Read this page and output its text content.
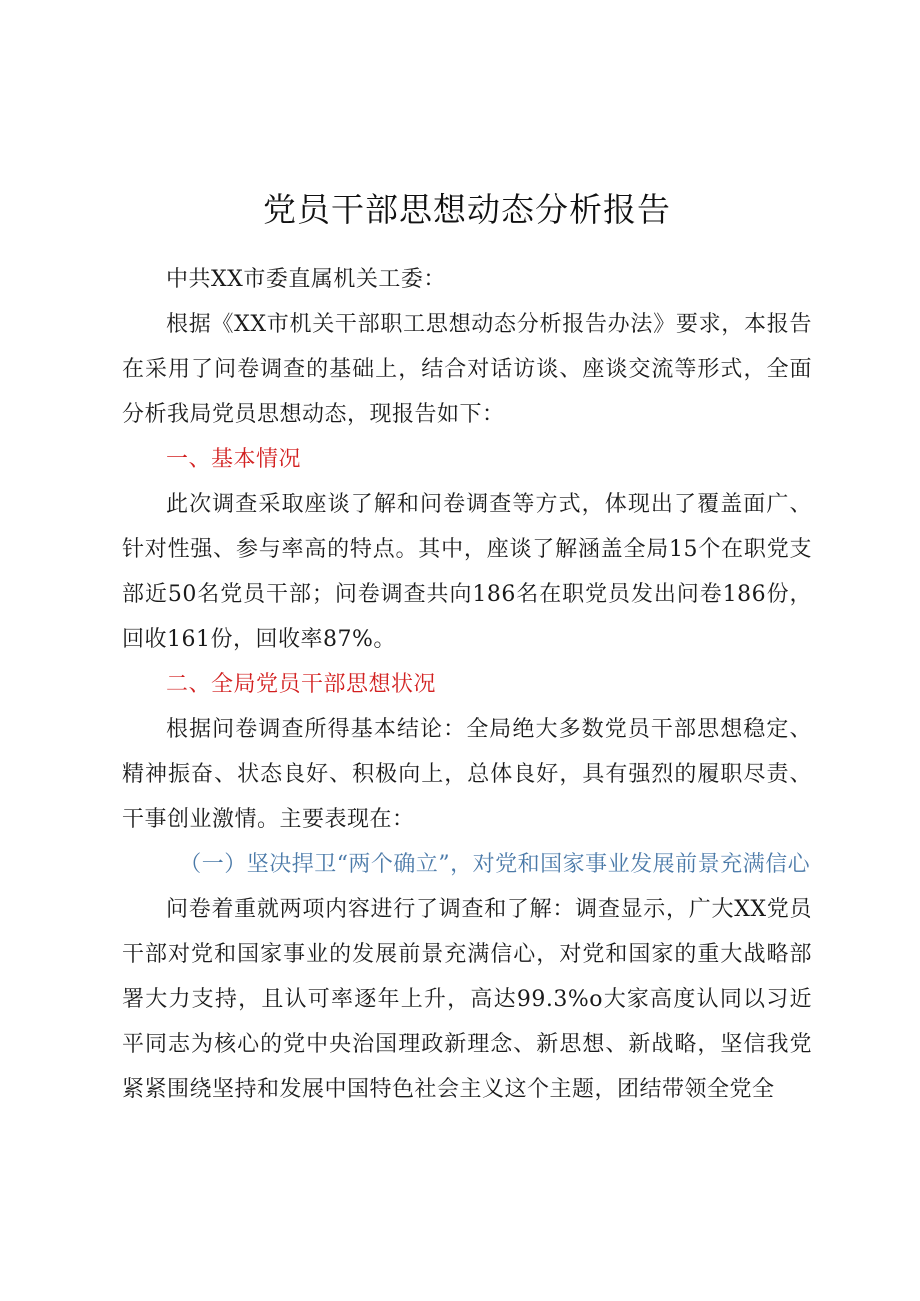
党员干部思想动态分析报告

中共XX市委直属机关工委：

根据《XX市机关干部职工思想动态分析报告办法》要求，本报告在采用了问卷调查的基础上，结合对话访谈、座谈交流等形式，全面分析我局党员思想动态，现报告如下：

一、基本情况

此次调查采取座谈了解和问卷调查等方式，体现出了覆盖面广、针对性强、参与率高的特点。其中，座谈了解涵盖全局15个在职党支部近50名党员干部；问卷调查共向186名在职党员发出问卷186份，回收161份，回收率87%。

二、全局党员干部思想状况

根据问卷调查所得基本结论：全局绝大多数党员干部思想稳定、精神振奋、状态良好、积极向上，总体良好，具有强烈的履职尽责、干事创业激情。主要表现在：

（一）坚决捍卫“两个确立”，对党和国家事业发展前景充满信心

问卷着重就两项内容进行了调查和了解：调查显示，广大XX党员干部对党和国家事业的发展前景充满信心，对党和国家的重大战略部署大力支持，且认可率逐年上升，高达99.3%o大家高度认同以习近平同志为核心的党中央治国理政新理念、新思想、新战略，坚信我党紧紧围绕坚持和发展中国特色社会主义这个主题，团结带领全党全
